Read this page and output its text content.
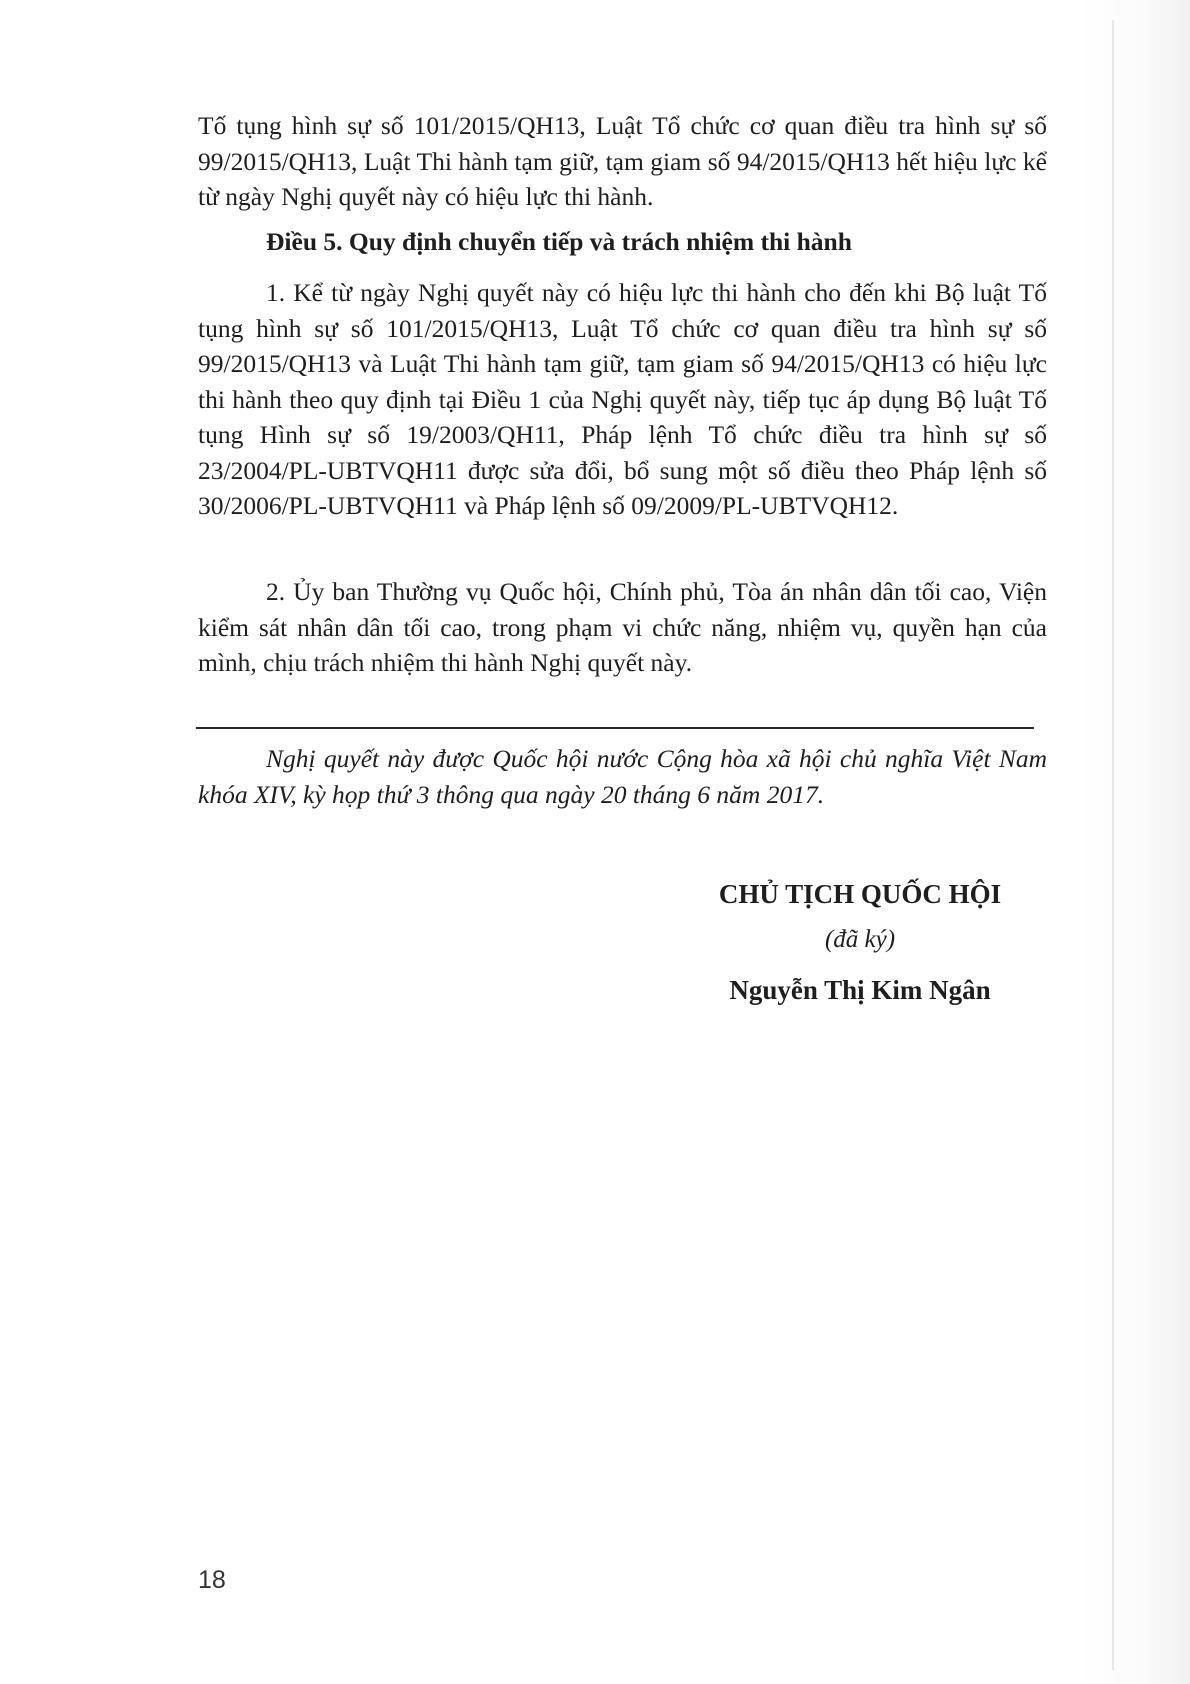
Tố tụng hình sự số 101/2015/QH13, Luật Tổ chức cơ quan điều tra hình sự số 99/2015/QH13, Luật Thi hành tạm giữ, tạm giam số 94/2015/QH13 hết hiệu lực kể từ ngày Nghị quyết này có hiệu lực thi hành.

Điều 5. Quy định chuyển tiếp và trách nhiệm thi hành

1. Kể từ ngày Nghị quyết này có hiệu lực thi hành cho đến khi Bộ luật Tố tụng hình sự số 101/2015/QH13, Luật Tổ chức cơ quan điều tra hình sự số 99/2015/QH13 và Luật Thi hành tạm giữ, tạm giam số 94/2015/QH13 có hiệu lực thi hành theo quy định tại Điều 1 của Nghị quyết này, tiếp tục áp dụng Bộ luật Tố tụng Hình sự số 19/2003/QH11, Pháp lệnh Tổ chức điều tra hình sự số 23/2004/PL-UBTVQH11 được sửa đổi, bổ sung một số điều theo Pháp lệnh số 30/2006/PL-UBTVQH11 và Pháp lệnh số 09/2009/PL-UBTVQH12.

2. Ủy ban Thường vụ Quốc hội, Chính phủ, Tòa án nhân dân tối cao, Viện kiểm sát nhân dân tối cao, trong phạm vi chức năng, nhiệm vụ, quyền hạn của mình, chịu trách nhiệm thi hành Nghị quyết này.

Nghị quyết này được Quốc hội nước Cộng hòa xã hội chủ nghĩa Việt Nam khóa XIV, kỳ họp thứ 3 thông qua ngày 20 tháng 6 năm 2017.

CHỦ TỊCH QUỐC HỘI
(đã ký)
Nguyễn Thị Kim Ngân
18
